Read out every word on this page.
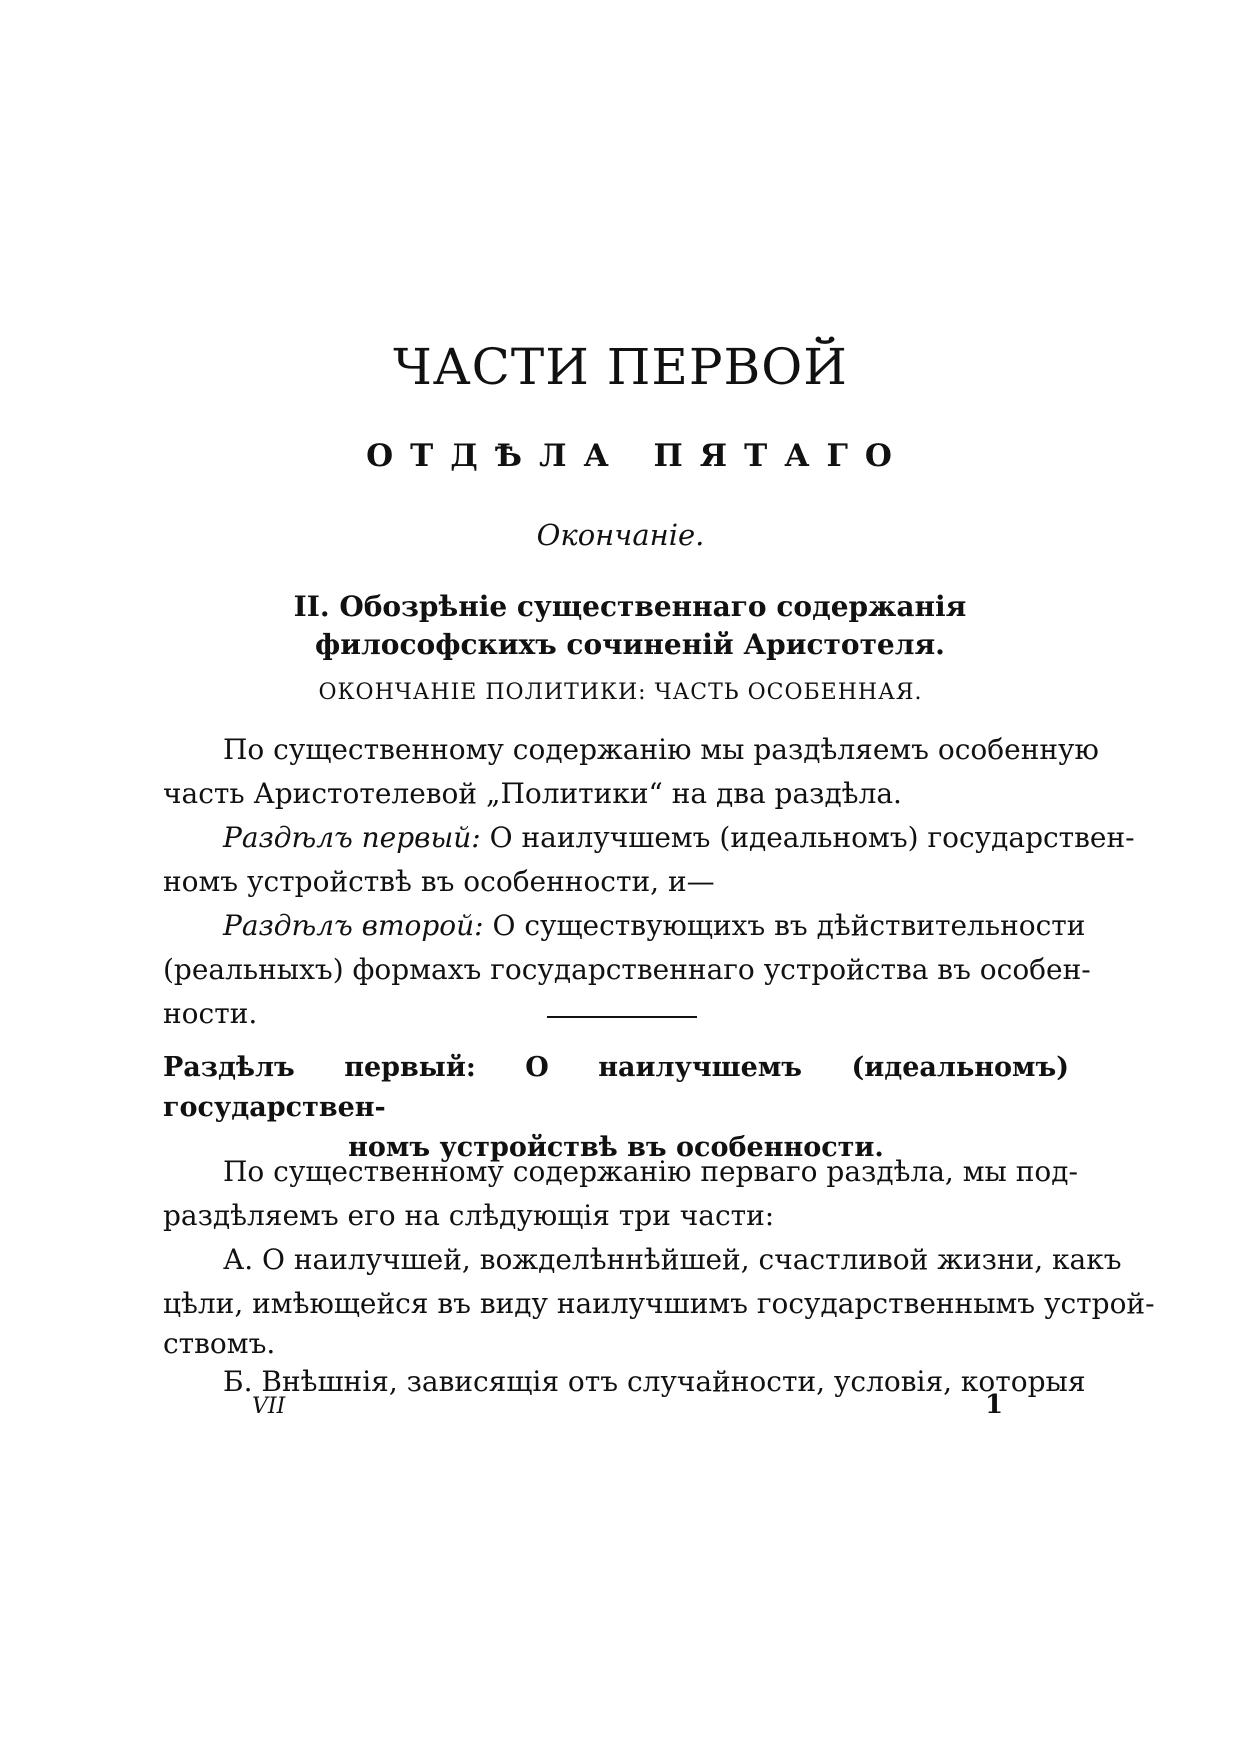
ЧАСТИ ПЕРВОЙ
ОТДѢЛА ПЯТАГО
Окончаніе.
II. Обозрѣніе существеннаго содержанія философскихъ сочиненій Аристотеля.
ОКОНЧАНІЕ ПОЛИТИКИ: ЧАСТЬ ОСОБЕННАЯ.
По существенному содержанію мы раздѣляемъ особенную
часть Аристотелевой „Политики“ на два раздѣла.
Раздѣлъ первый: О наилучшемъ (идеальномъ) государствен-
номъ устройствѣ въ особенности, и—
Раздѣлъ второй: О существующихъ въ дѣйствительности
(реальныхъ) формахъ государственнаго устройства въ особен-
ности.
Раздѣлъ первый: О наилучшемъ (идеальномъ) государствен-
номъ устройствѣ въ особенности.
По существенному содержанію перваго раздѣла, мы под-
раздѣляемъ его на слѣдующія три части:
А. О наилучшей, вожделѣннѣйшей, счастливой жизни, какъ
цѣли, имѣющейся въ виду наилучшимъ государственнымъ устрой-
ствомъ.
Б. Внѣшнія, зависящія отъ случайности, условія, которыя
VII	1
